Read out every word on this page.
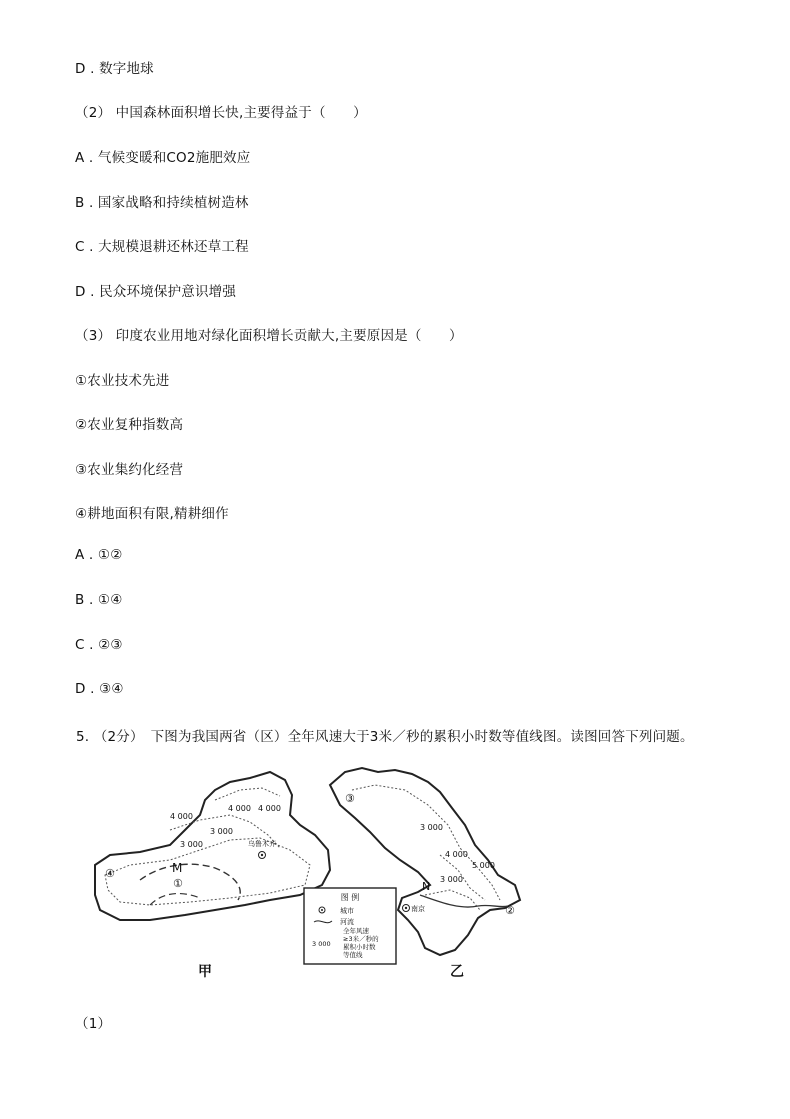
D . 数字地球
（2） 中国森林面积增长快,主要得益于（　　）
A . 气候变暖和CO2施肥效应
B . 国家战略和持续植树造林
C . 大规模退耕还林还草工程
D . 民众环境保护意识增强
（3） 印度农业用地对绿化面积增长贡献大,主要原因是（　　）
①农业技术先进
②农业复种指数高
③农业集约化经营
④耕地面积有限,精耕细作
A . ①②
B . ①④
C . ②③
D . ③④
5. （2分）　下图为我国两省（区）全年风速大于3米／秒的累积小时数等值线图。读图回答下列问题。
图 例
城市
河流
3 000
全年风速
≥3米／秒的
累积小时数
等值线
4 000 4 000
4 000
3 000
3 000	乌鲁木齐
M
①
④
甲
③
3 000
4 000
5 000
3 000
N
南京	②
乙
（1）
